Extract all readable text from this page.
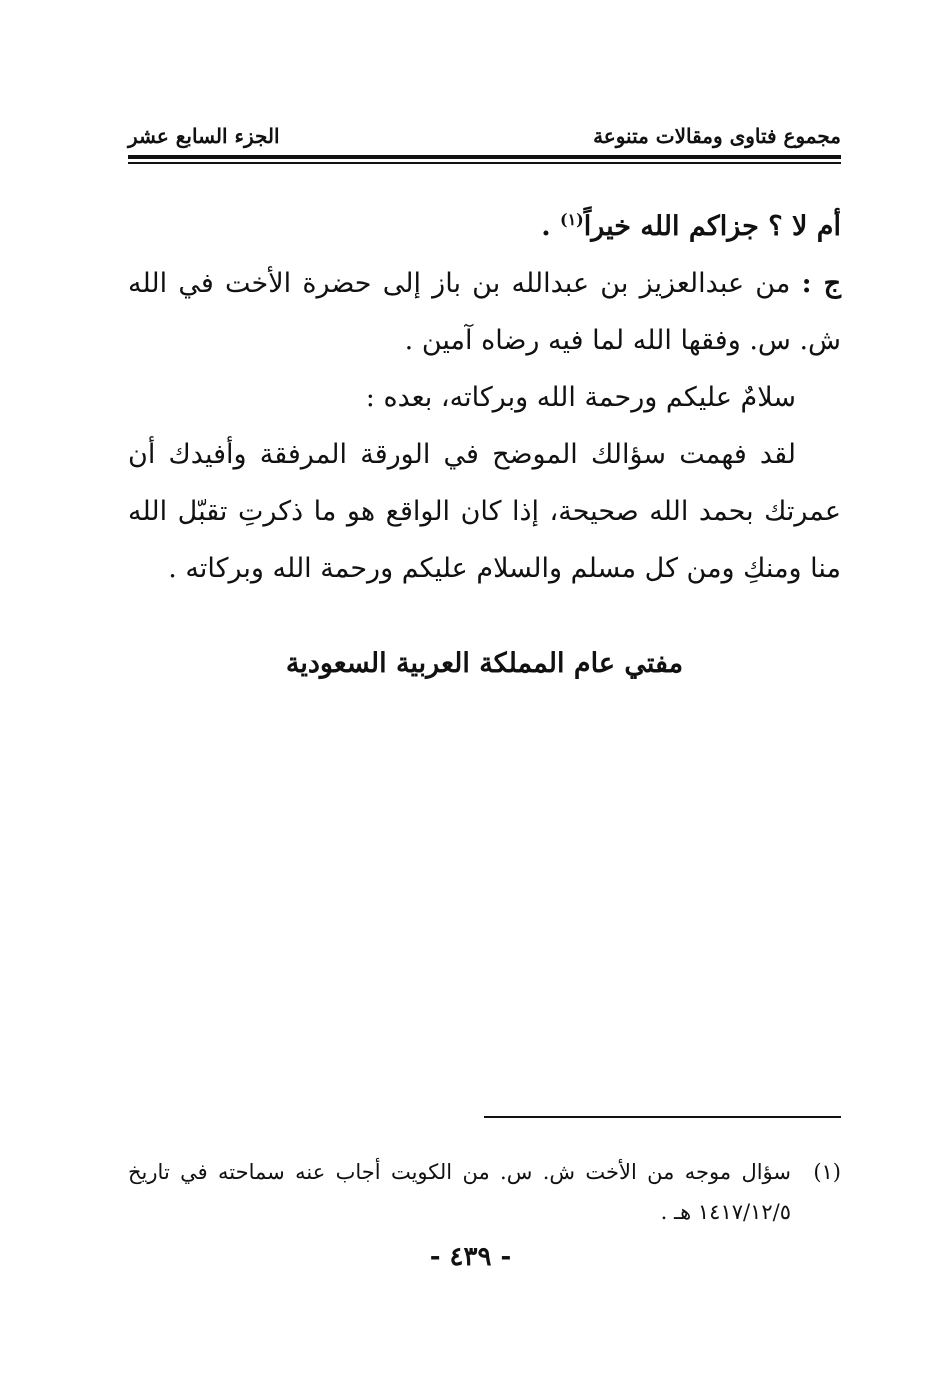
مجموع فتاوى ومقالات متنوعة
الجزء السابع عشر

أم لا ؟ جزاكم الله خيراً$^{(١)}$ .

ج : من عبدالعزيز بن عبدالله بن باز إلى حضرة الأخت في الله ش. س. وفقها الله لما فيه رضاه آمين .

سلامٌ عليكم ورحمة الله وبركاته، بعده :

لقد فهمت سؤالك الموضح في الورقة المرفقة وأفيدك أن عمرتك بحمد الله صحيحة، إذا كان الواقع هو ما ذكرتِ تقبّل الله منا ومنكِ ومن كل مسلم والسلام عليكم ورحمة الله وبركاته .

مفتي عام المملكة العربية السعودية
(١)
سؤال موجه من الأخت ش. س. من الكويت أجاب عنه سماحته في تاريخ ١٤١٧/١٢/٥ هـ .
- ٤٣٩ -
